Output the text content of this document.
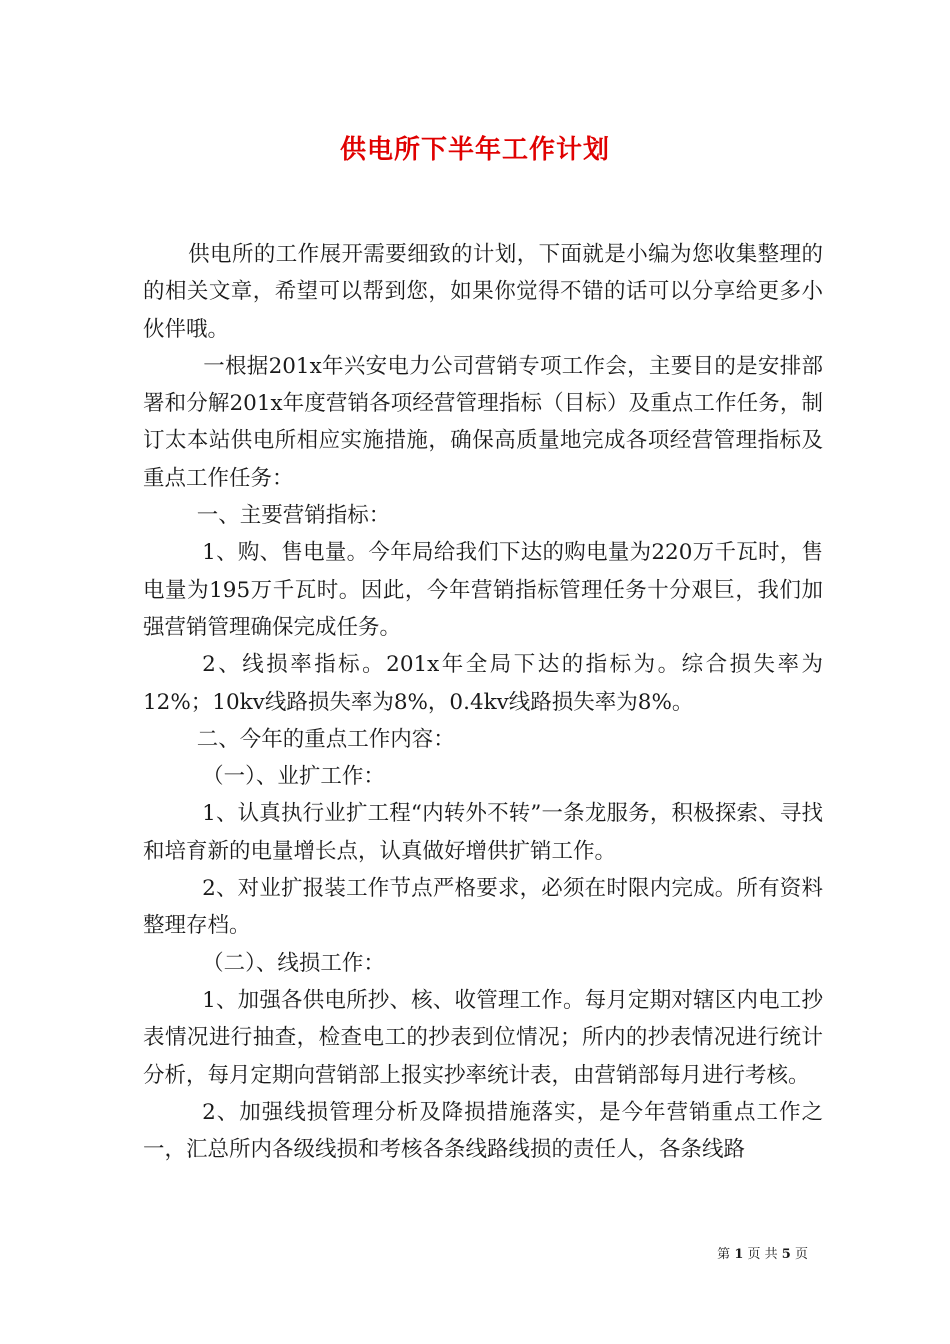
供电所下半年工作计划

供电所的工作展开需要细致的计划，下面就是小编为您收集整理的的相关文章，希望可以帮到您，如果你觉得不错的话可以分享给更多小伙伴哦。

一根据201x年兴安电力公司营销专项工作会，主要目的是安排部署和分解201x年度营销各项经营管理指标（目标）及重点工作任务，制订太本站供电所相应实施措施，确保高质量地完成各项经营管理指标及重点工作任务：

一、主要营销指标：

1、购、售电量。今年局给我们下达的购电量为220万千瓦时，售电量为195万千瓦时。因此，今年营销指标管理任务十分艰巨，我们加强营销管理确保完成任务。

2、线损率指标。201x年全局下达的指标为。综合损失率为12%；10kv线路损失率为8%，0.4kv线路损失率为8%。

二、今年的重点工作内容：

（一）、业扩工作：

1、认真执行业扩工程“内转外不转”一条龙服务，积极探索、寻找和培育新的电量增长点，认真做好增供扩销工作。

2、对业扩报装工作节点严格要求，必须在时限内完成。所有资料整理存档。

（二）、线损工作：

1、加强各供电所抄、核、收管理工作。每月定期对辖区内电工抄表情况进行抽查，检查电工的抄表到位情况；所内的抄表情况进行统计分析，每月定期向营销部上报实抄率统计表，由营销部每月进行考核。

2、加强线损管理分析及降损措施落实，是今年营销重点工作之一，汇总所内各级线损和考核各条线路线损的责任人，各条线路

第 1 页 共 5 页
